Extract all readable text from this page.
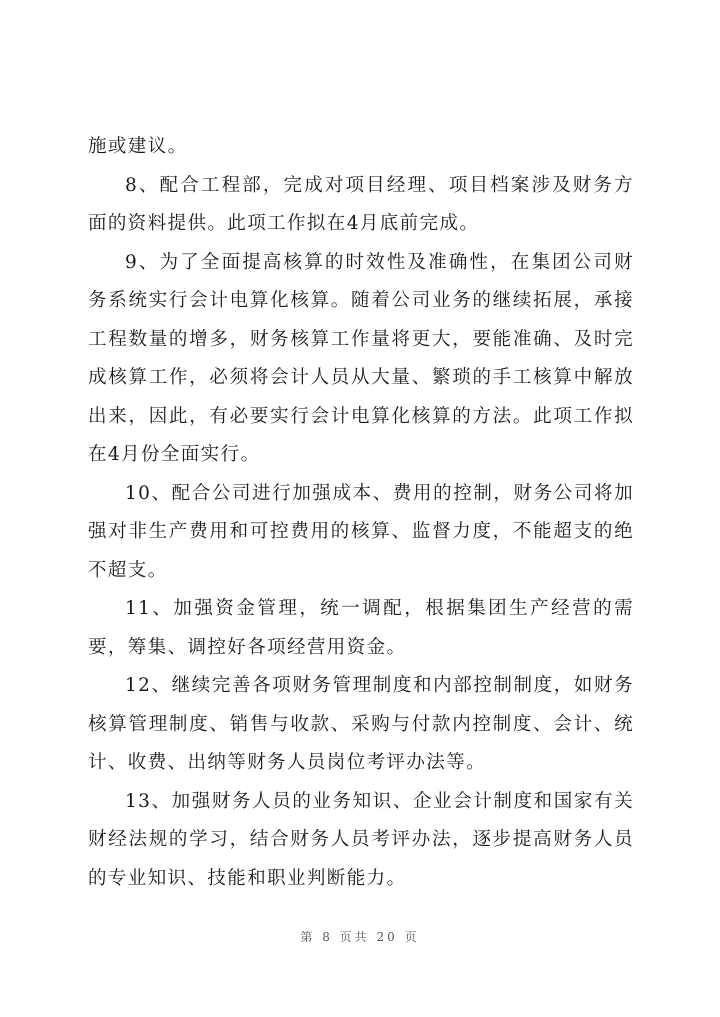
施或建议。

8、配合工程部，完成对项目经理、项目档案涉及财务方面的资料提供。此项工作拟在4月底前完成。

9、为了全面提高核算的时效性及准确性，在集团公司财务系统实行会计电算化核算。随着公司业务的继续拓展，承接工程数量的增多，财务核算工作量将更大，要能准确、及时完成核算工作，必须将会计人员从大量、繁琐的手工核算中解放出来，因此，有必要实行会计电算化核算的方法。此项工作拟在4月份全面实行。

10、配合公司进行加强成本、费用的控制，财务公司将加强对非生产费用和可控费用的核算、监督力度，不能超支的绝不超支。

11、加强资金管理，统一调配，根据集团生产经营的需要，筹集、调控好各项经营用资金。

12、继续完善各项财务管理制度和内部控制制度，如财务核算管理制度、销售与收款、采购与付款内控制度、会计、统计、收费、出纳等财务人员岗位考评办法等。

13、加强财务人员的业务知识、企业会计制度和国家有关财经法规的学习，结合财务人员考评办法，逐步提高财务人员的专业知识、技能和职业判断能力。

第 8 页共 20 页
